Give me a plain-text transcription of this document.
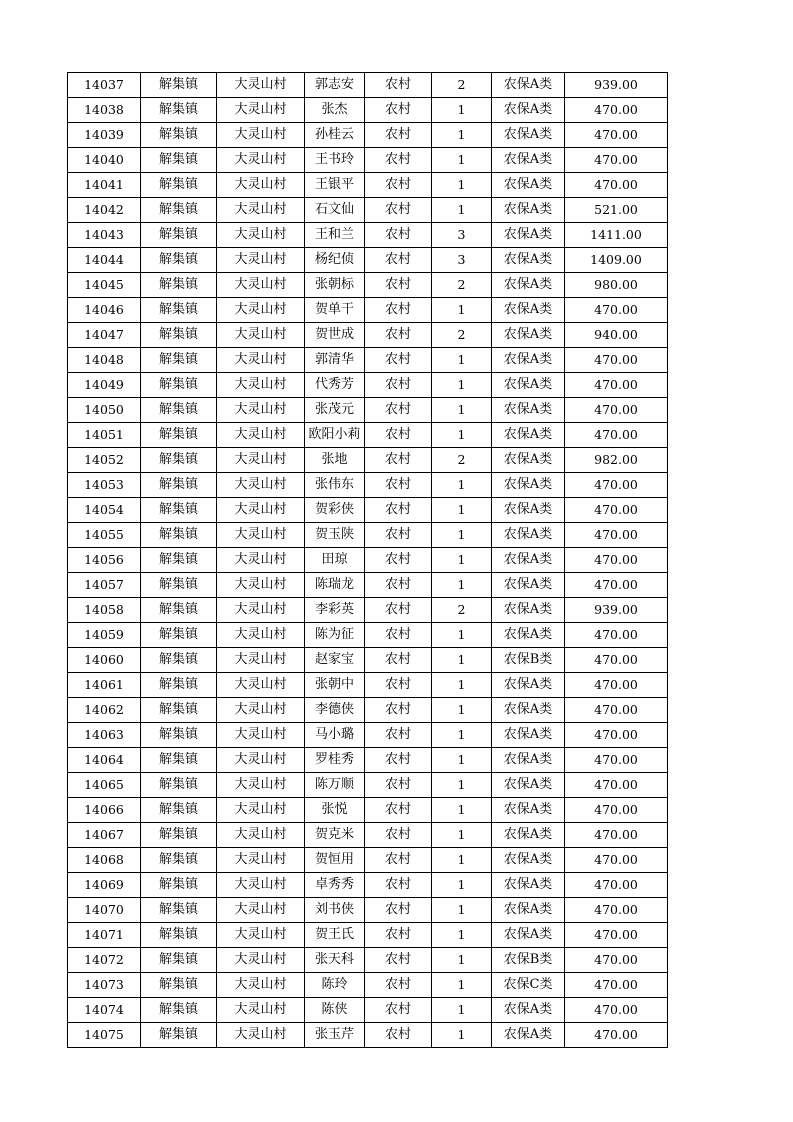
14037	解集镇	大灵山村	郭志安	农村	2	农保A类	939.00
14038	解集镇	大灵山村	张杰	农村	1	农保A类	470.00
14039	解集镇	大灵山村	孙桂云	农村	1	农保A类	470.00
14040	解集镇	大灵山村	王书玲	农村	1	农保A类	470.00
14041	解集镇	大灵山村	王银平	农村	1	农保A类	470.00
14042	解集镇	大灵山村	石文仙	农村	1	农保A类	521.00
14043	解集镇	大灵山村	王和兰	农村	3	农保A类	1411.00
14044	解集镇	大灵山村	杨纪侦	农村	3	农保A类	1409.00
14045	解集镇	大灵山村	张朝标	农村	2	农保A类	980.00
14046	解集镇	大灵山村	贺单干	农村	1	农保A类	470.00
14047	解集镇	大灵山村	贺世成	农村	2	农保A类	940.00
14048	解集镇	大灵山村	郭清华	农村	1	农保A类	470.00
14049	解集镇	大灵山村	代秀芳	农村	1	农保A类	470.00
14050	解集镇	大灵山村	张茂元	农村	1	农保A类	470.00
14051	解集镇	大灵山村	欧阳小莉	农村	1	农保A类	470.00
14052	解集镇	大灵山村	张地	农村	2	农保A类	982.00
14053	解集镇	大灵山村	张伟东	农村	1	农保A类	470.00
14054	解集镇	大灵山村	贺彩侠	农村	1	农保A类	470.00
14055	解集镇	大灵山村	贺玉陕	农村	1	农保A类	470.00
14056	解集镇	大灵山村	田琼	农村	1	农保A类	470.00
14057	解集镇	大灵山村	陈瑞龙	农村	1	农保A类	470.00
14058	解集镇	大灵山村	李彩英	农村	2	农保A类	939.00
14059	解集镇	大灵山村	陈为征	农村	1	农保A类	470.00
14060	解集镇	大灵山村	赵家宝	农村	1	农保B类	470.00
14061	解集镇	大灵山村	张朝中	农村	1	农保A类	470.00
14062	解集镇	大灵山村	李德侠	农村	1	农保A类	470.00
14063	解集镇	大灵山村	马小璐	农村	1	农保A类	470.00
14064	解集镇	大灵山村	罗桂秀	农村	1	农保A类	470.00
14065	解集镇	大灵山村	陈万顺	农村	1	农保A类	470.00
14066	解集镇	大灵山村	张悦	农村	1	农保A类	470.00
14067	解集镇	大灵山村	贺克米	农村	1	农保A类	470.00
14068	解集镇	大灵山村	贺恒用	农村	1	农保A类	470.00
14069	解集镇	大灵山村	卓秀秀	农村	1	农保A类	470.00
14070	解集镇	大灵山村	刘书侠	农村	1	农保A类	470.00
14071	解集镇	大灵山村	贺王氏	农村	1	农保A类	470.00
14072	解集镇	大灵山村	张天科	农村	1	农保B类	470.00
14073	解集镇	大灵山村	陈玲	农村	1	农保C类	470.00
14074	解集镇	大灵山村	陈侠	农村	1	农保A类	470.00
14075	解集镇	大灵山村	张玉芹	农村	1	农保A类	470.00
